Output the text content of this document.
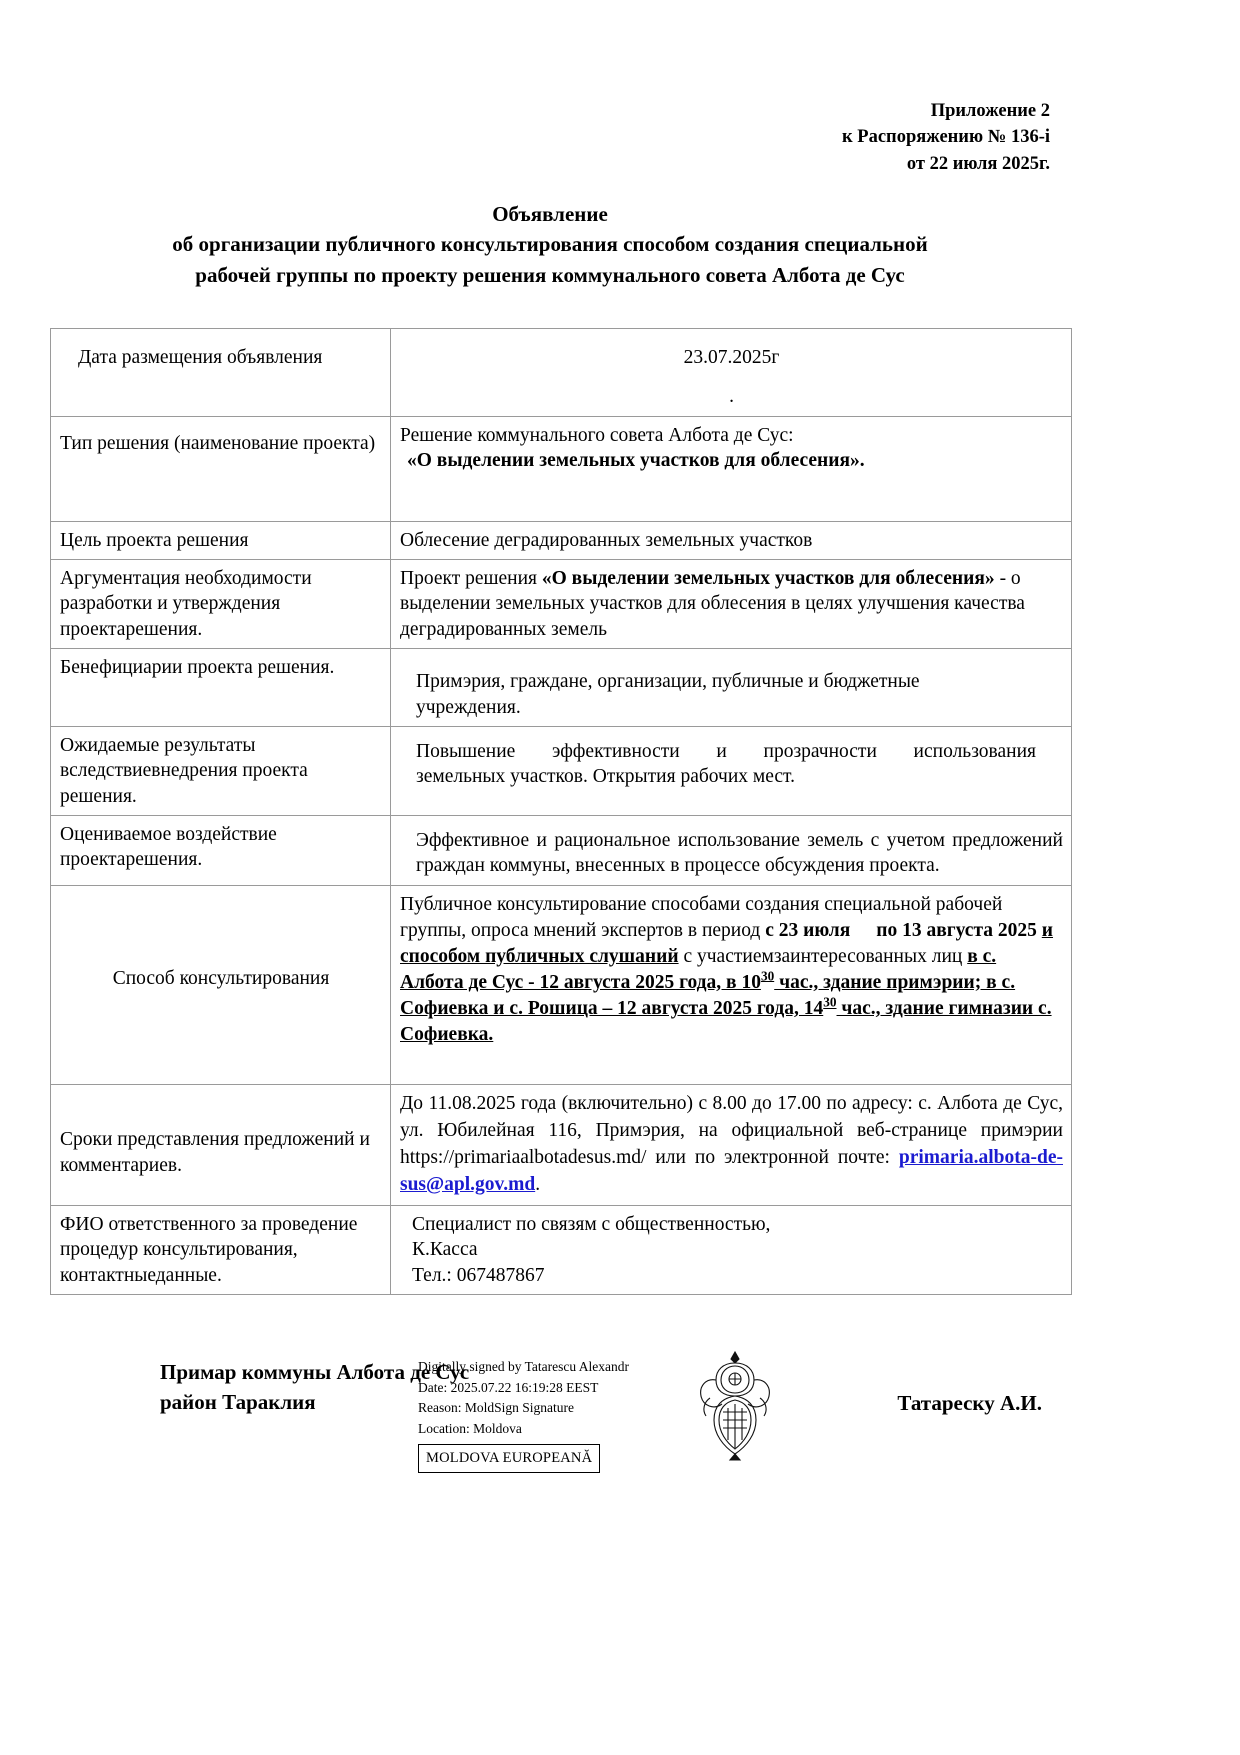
Приложение 2
к Распоряжению № 136-i
от 22 июля 2025г.
Объявление
об организации публичного консультирования способом создания специальной
рабочей группы по проекту решения коммунального совета Албота де Сус
Дата размещения объявления	23.07.2025г
.

Тип решения (наименование проекта)	Решение коммунального совета Албота де Сус:
«О выделении земельных участков для облесения».

Цель проекта решения	Облесение деградированных земельных участков

Аргументация необходимости разработки и утверждения проектарешения.	Проект решения «О выделении земельных участков для облесения» - о выделении земельных участков для облесения в целях улучшения качества деградированных земель

Бенефициарии проекта решения.	Примэрия, граждане, организации, публичные и бюджетные
учреждения.

Ожидаемые результаты вследствиевнедрения проекта решения.	Повышение эффективности и прозрачности использования
земельных участков. Открытия рабочих мест.

Оцениваемое воздействие проектарешения.	Эффективное и рациональное использование земель с учетом предложений граждан коммуны, внесенных в процессе обсуждения проекта.

Способ консультирования	Публичное консультирование способами создания специальной рабочей группы, опроса мнений экспертов в период с 23 июля по 13 августа 2025 и способом публичных слушаний с участиемзаинтересованных лиц в с. Албота де Сус - 12 августа 2025 года, в $10^{30}$ час., здание примэрии; в с. Софиевка и с. Рошица – 12 августа 2025 года, $14^{30}$ час., здание гимназии с. Софиевка.

Сроки представления предложений и комментариев.	До 11.08.2025 года (включительно) с 8.00 до 17.00 по адресу: с. Албота де Сус, ул. Юбилейная 116, Примэрия, на официальной веб-странице примэрии https://primariaalbotadesus.md/ или по электронной почте: primaria.albota-de-sus@apl.gov.md.

ФИО ответственного за проведение процедур консультирования, контактныеданные.	Специалист по связям с общественностью,
К.Касса
Тел.: 067487867
Примар коммуны Албота де Сус
район Тараклия	Татареску А.И.
Digitally signed by Tatarescu Alexandr
Date: 2025.07.22 16:19:28 EEST
Reason: MoldSign Signature
Location: Moldova
MOLDOVA EUROPEANĂ
